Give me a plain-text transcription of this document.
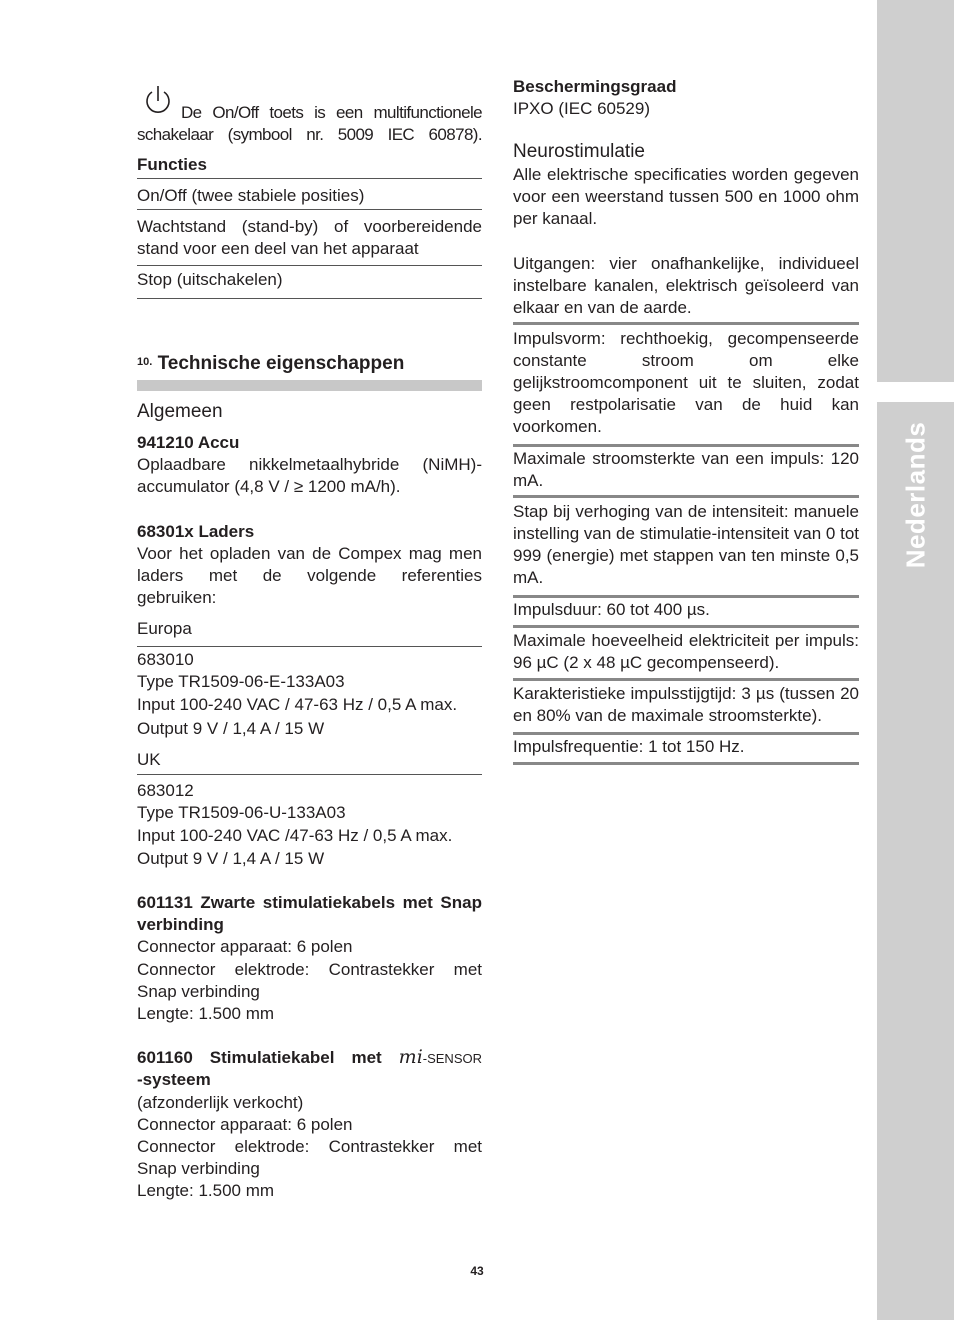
Nederlands
De On/Off toets is een multifunctionele schakelaar (symbool nr. 5009 IEC 60878).
Functies
On/Off (twee stabiele posities)
Wachtstand (stand-by) of voorbereidende stand voor een deel van het apparaat
Stop (uitschakelen)
$^{10.}$ Technische eigenschappen
Algemeen
941210 Accu
Oplaadbare nikkelmetaalhybride (NiMH)-accumulator (4,8 V / ≥ 1200 mA/h).
68301x Laders
Voor het opladen van de Compex mag men laders met de volgende referenties gebruiken:
Europa
683010
Type TR1509-06-E-133A03
Input 100-240 VAC / 47-63 Hz / 0,5 A max.
Output 9 V / 1,4 A / 15 W
UK
683012
Type TR1509-06-U-133A03
Input 100-240 VAC /47-63 Hz / 0,5 A max.
Output 9 V / 1,4 A / 15 W
601131 Zwarte stimulatiekabels met Snap verbinding
Connector apparaat: 6 polen
Connector elektrode: Contrastekker met Snap verbinding
Lengte: 1.500 mm
601160 Stimulatiekabel met mi-SENSOR
-systeem
(afzonderlijk verkocht)
Connector apparaat: 6 polen
Connector elektrode: Contrastekker met Snap verbinding
Lengte: 1.500 mm
Beschermingsgraad
IPXO (IEC 60529)
Neurostimulatie
Alle elektrische specificaties worden gegeven voor een weerstand tussen 500 en 1000 ohm per kanaal.
Uitgangen: vier onafhankelijke, individueel instelbare kanalen, elektrisch geïsoleerd van elkaar en van de aarde.
Impulsvorm: rechthoekig, gecompenseerde constante stroom om elke gelijkstroomcomponent uit te sluiten, zodat geen restpolarisatie van de huid kan voorkomen.
Maximale stroomsterkte van een impuls: 120 mA.
Stap bij verhoging van de intensiteit: manuele instelling van de stimulatie-intensiteit van 0 tot 999 (energie) met stappen van ten minste 0,5 mA.
Impulsduur: 60 tot 400 µs.
Maximale hoeveelheid elektriciteit per impuls: 96 µC (2 x 48 µC gecompenseerd).
Karakteristieke impulsstijgtijd: 3 µs (tussen 20 en 80% van de maximale stroomsterkte).
Impulsfrequentie: 1 tot 150 Hz.
43
